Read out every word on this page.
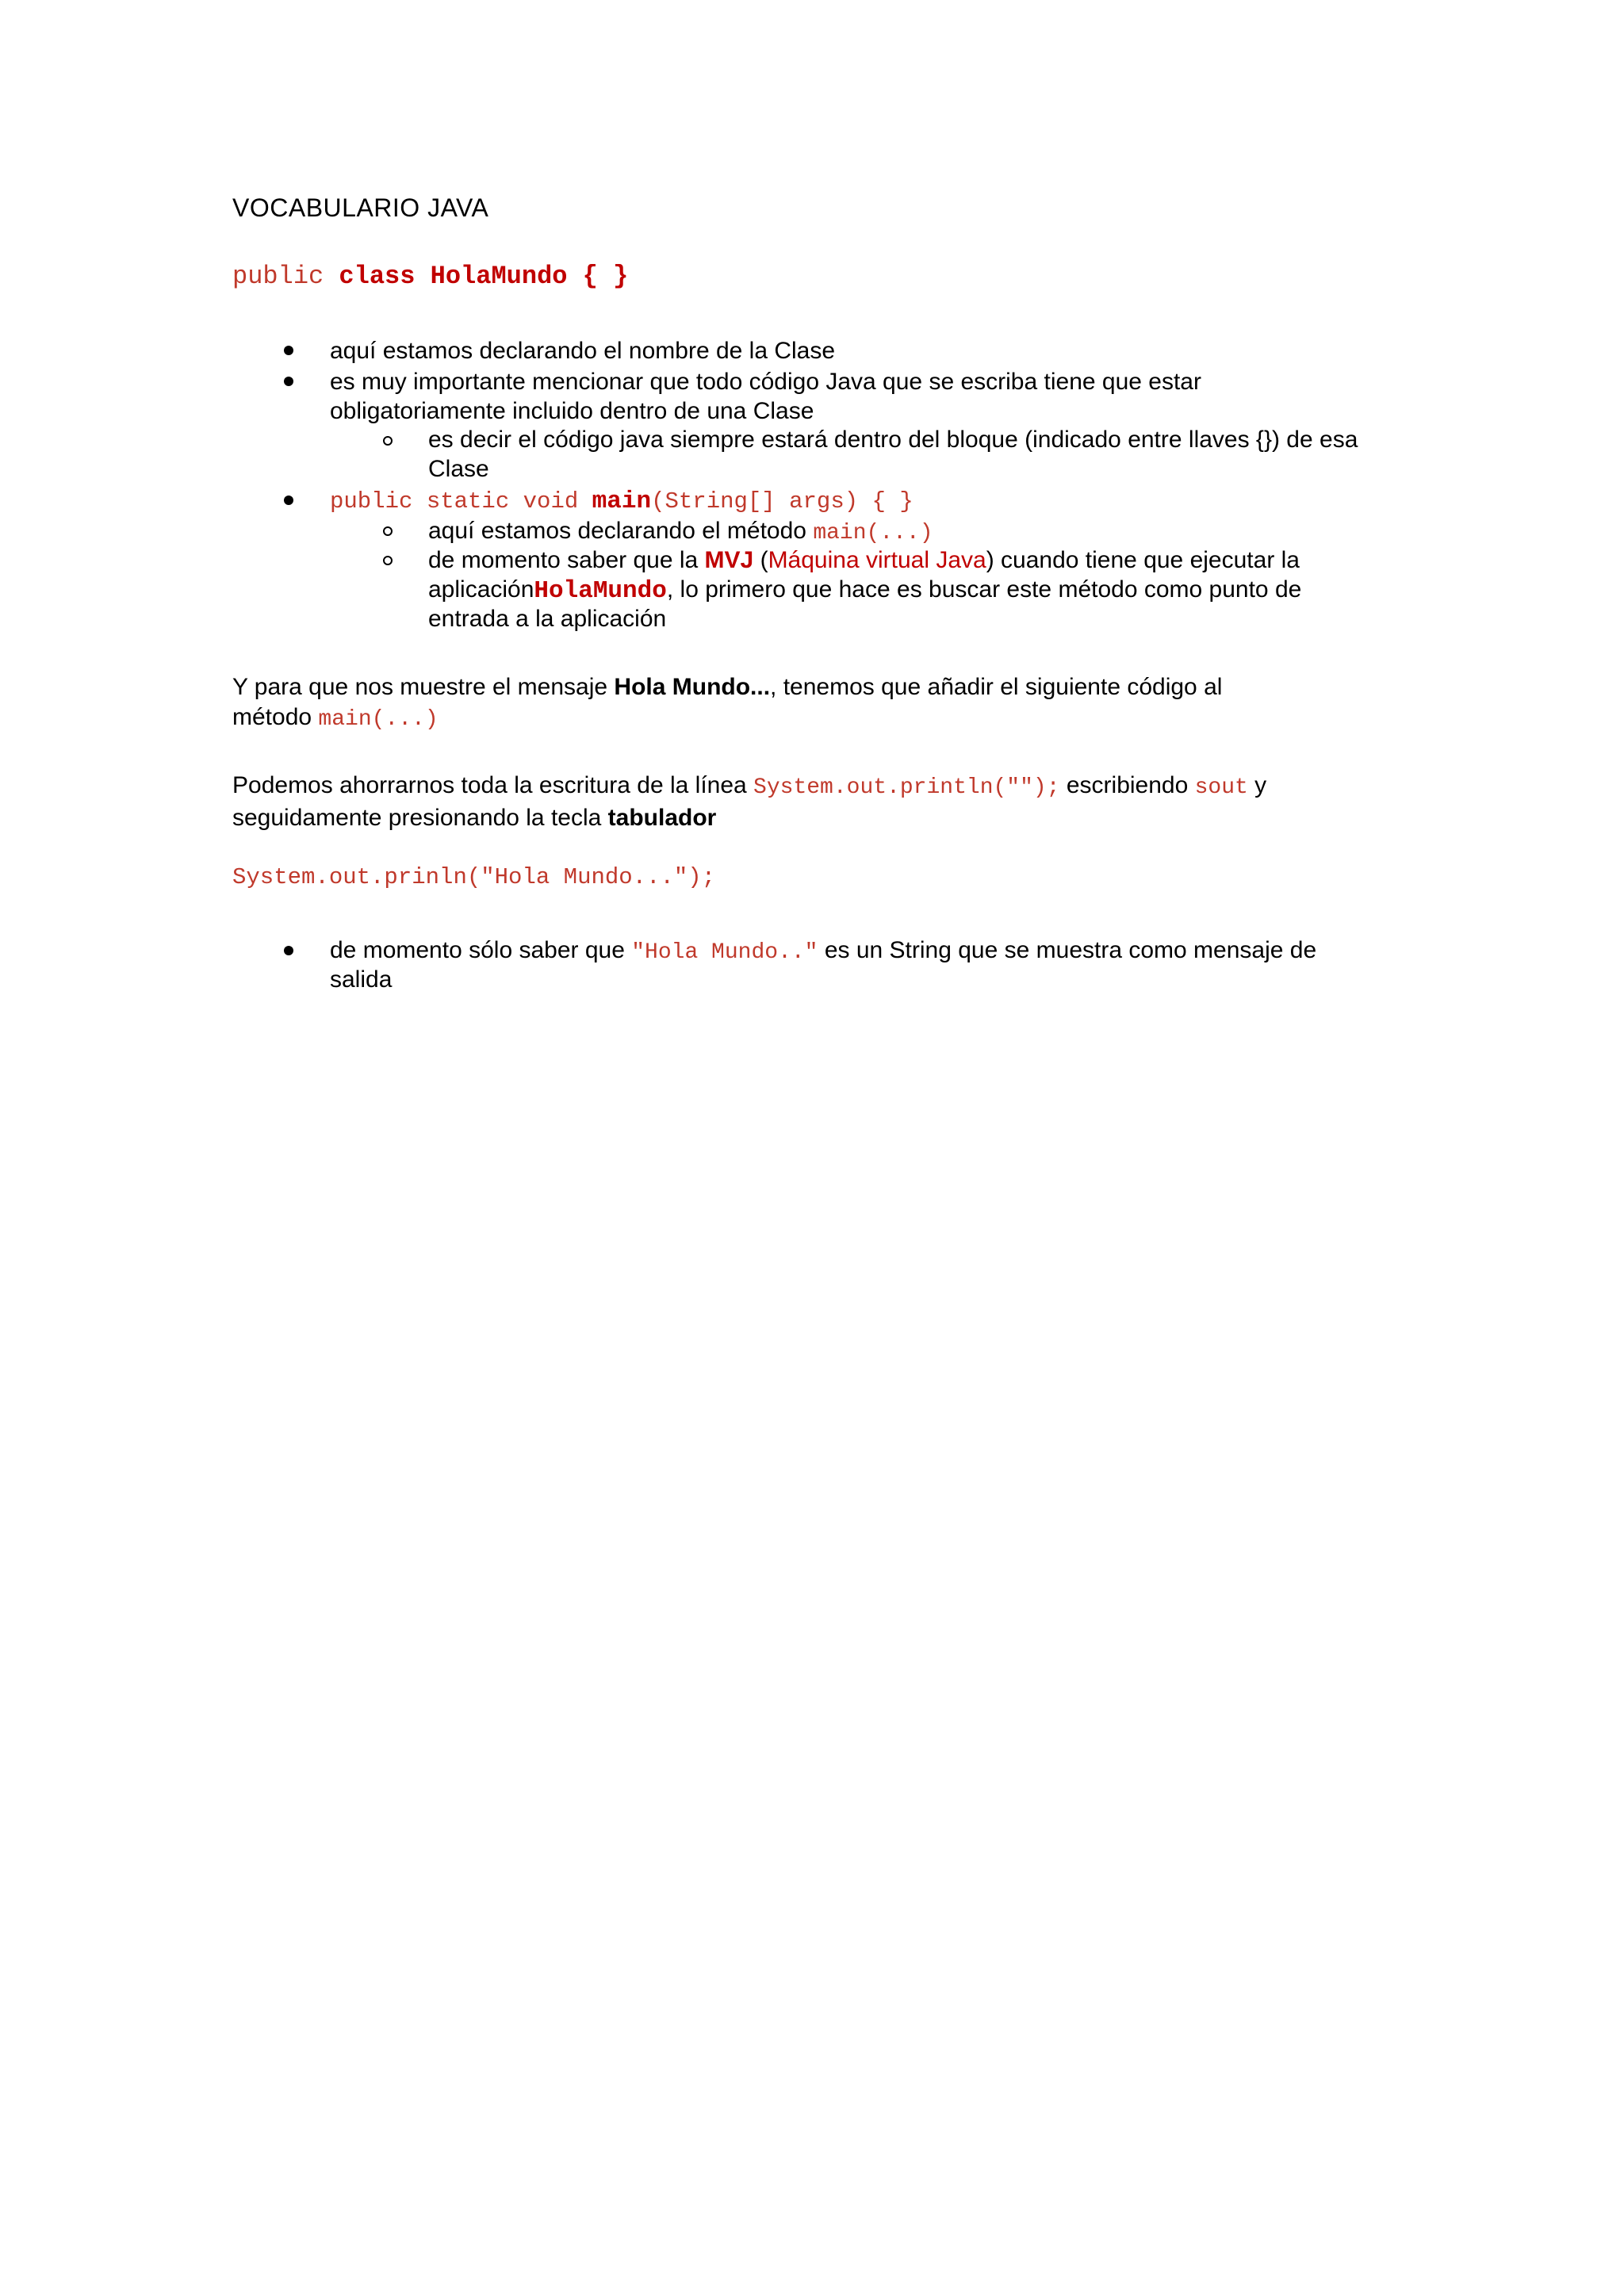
VOCABULARIO JAVA
public class HolaMundo { }
aquí estamos declarando el nombre de la Clase
es muy importante mencionar que todo código Java que se escriba tiene que estar
obligatoriamente incluido dentro de una Clase
es decir el código java siempre estará dentro del bloque (indicado entre llaves {}) de esa
Clase
public static void main(String[] args) { }
aquí estamos declarando el método main(...)
de momento saber que la MVJ (Máquina virtual Java) cuando tiene que ejecutar la
aplicaciónHolaMundo, lo primero que hace es buscar este método como punto de
entrada a la aplicación
Y para que nos muestre el mensaje Hola Mundo..., tenemos que añadir el siguiente código al
método main(...)
Podemos ahorrarnos toda la escritura de la línea System.out.println(""); escribiendo sout y
seguidamente presionando la tecla tabulador
System.out.prinln("Hola Mundo...");
de momento sólo saber que "Hola Mundo.." es un String que se muestra como mensaje de
salida
